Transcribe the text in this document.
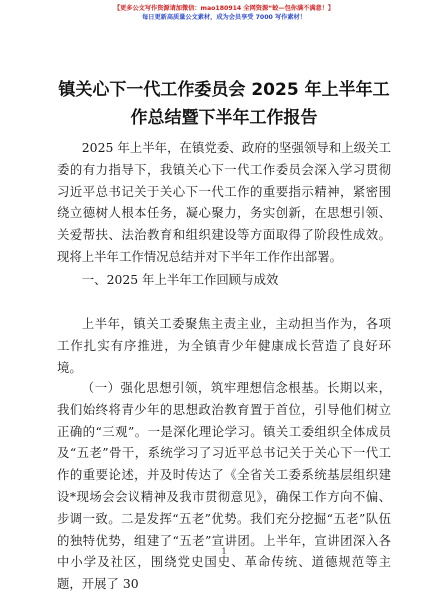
【更多公文写作资源请加微信：mao180914 全网资源“蛟—包你满不满意！】
每日更新高质量公文素材，成为会员享受 7000 写作素材！
镇关心下一代工作委员会 2025 年上半年工作总结暨下半年工作报告

2025 年上半年，在镇党委、政府的坚强领导和上级关工委的有力指导下，我镇关心下一代工作委员会深入学习贯彻习近平总书记关于关心下一代工作的重要指示精神，紧密围绕立德树人根本任务，凝心聚力，务实创新，在思想引领、关爱帮扶、法治教育和组织建设等方面取得了阶段性成效。现将上半年工作情况总结并对下半年工作作出部署。

一、2025 年上半年工作回顾与成效

上半年，镇关工委聚焦主责主业，主动担当作为，各项工作扎实有序推进，为全镇青少年健康成长营造了良好环境。

（一）强化思想引领，筑牢理想信念根基。长期以来，我们始终将青少年的思想政治教育置于首位，引导他们树立正确的“三观”。一是深化理论学习。镇关工委组织全体成员及“五老”骨干，系统学习了习近平总书记关于关心下一代工作的重要论述，并及时传达了《全省关工委系统基层组织建设*现场会会议精神及我市贯彻意见》，确保工作方向不偏、步调一致。二是发挥“五老”优势。我们充分挖掘“五老”队伍的独特优势，组建了“五老”宣讲团。上半年，宣讲团深入各中小学及社区，围绕党史国史、革命传统、道德规范等主题，开展了 30

1
